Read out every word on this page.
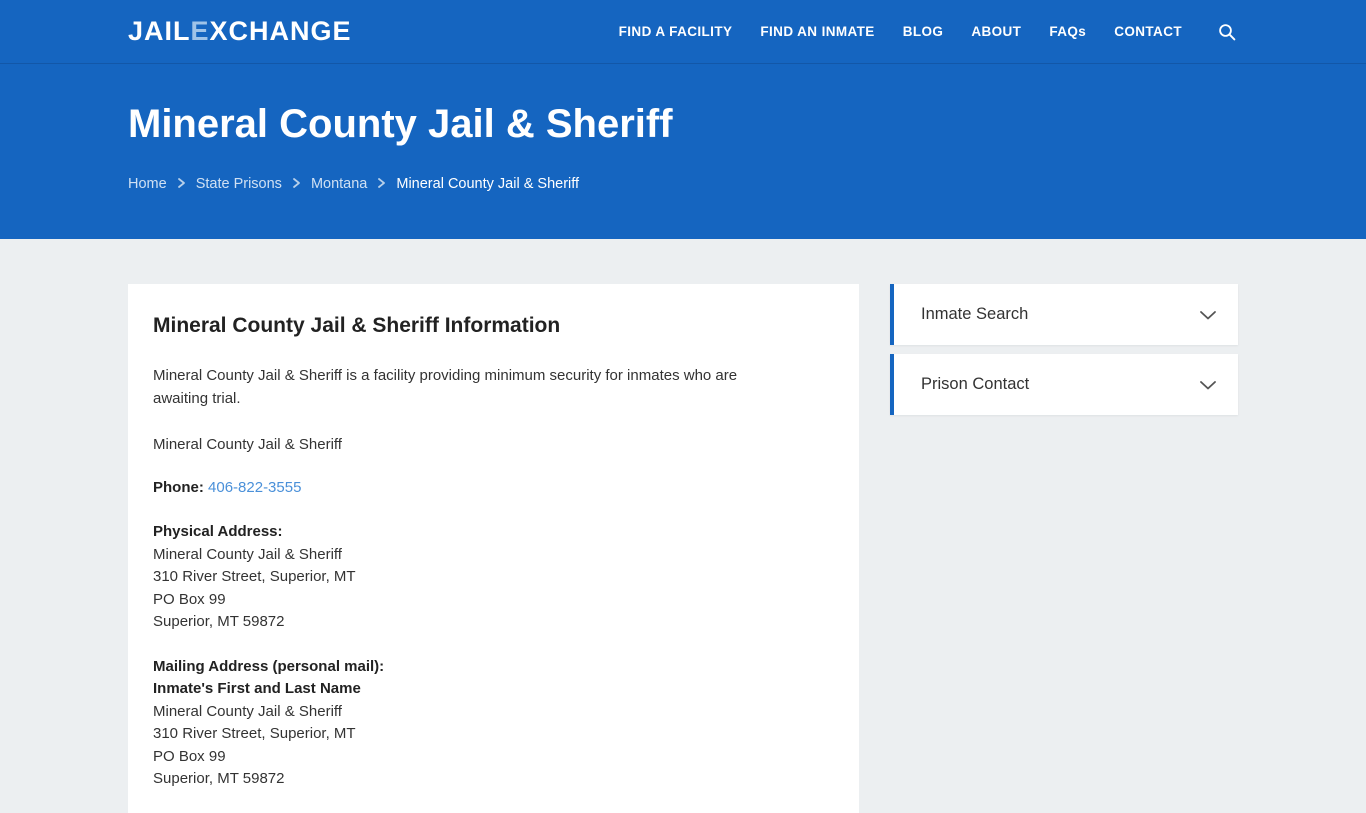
JAILEXCHANGE	FIND A FACILITY FIND AN INMATE BLOG ABOUT FAQs CONTACT
Mineral County Jail & Sheriff
Home State Prisons Montana Mineral County Jail & Sheriff
Mineral County Jail & Sheriff Information

Mineral County Jail & Sheriff is a facility providing minimum security for inmates who are awaiting trial.

Mineral County Jail & Sheriff

Phone: 406-822-3555

Physical Address:
Mineral County Jail & Sheriff
310 River Street, Superior, MT
PO Box 99
Superior, MT 59872
Mailing Address (personal mail):
Inmate's First and Last Name
Mineral County Jail & Sheriff
310 River Street, Superior, MT
PO Box 99
Superior, MT 59872
Inmate Search
Prison Contact
